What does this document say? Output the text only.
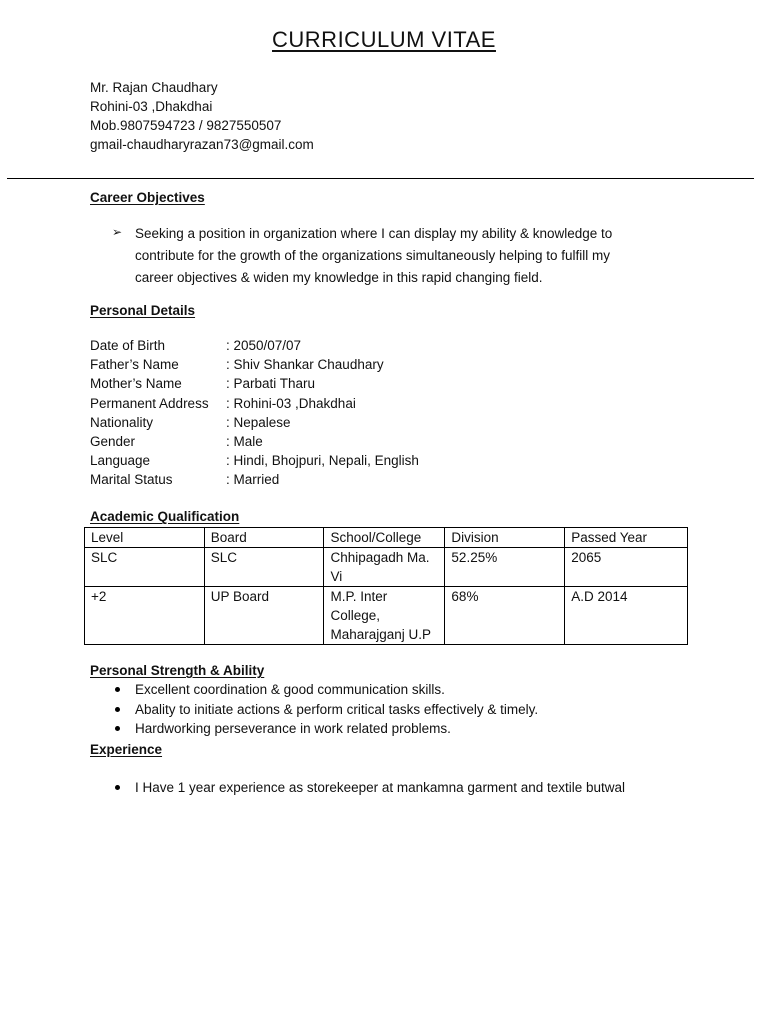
CURRICULUM VITAE
Mr. Rajan Chaudhary
Rohini-03 ,Dhakdhai
Mob.9807594723 / 9827550507
gmail-chaudharyrazan73@gmail.com
Career Objectives
➢ Seeking a position in organization where I can display my ability & knowledge to contribute for the growth of the organizations simultaneously helping to fulfill my career objectives & widen my knowledge in this rapid changing field.
Personal Details
Date of Birth	: 2050/07/07
Father’s Name	: Shiv Shankar Chaudhary
Mother’s Name	: Parbati Tharu
Permanent Address	: Rohini-03 ,Dhakdhai
Nationality	: Nepalese
Gender	: Male
Language	: Hindi, Bhojpuri, Nepali, English
Marital Status	: Married
Academic Qualification
Level	Board	School/College	Division	Passed Year
SLC	SLC	Chhipagadh Ma. Vi	52.25%	2065
+2	UP Board	M.P. Inter College, Maharajganj U.P	68%	A.D 2014
Personal Strength & Ability
Excellent coordination & good communication skills.
Abality to initiate actions & perform critical tasks effectively & timely.
Hardworking perseverance in work related problems.
Experience
I Have 1 year experience as storekeeper at mankamna garment and textile butwal
